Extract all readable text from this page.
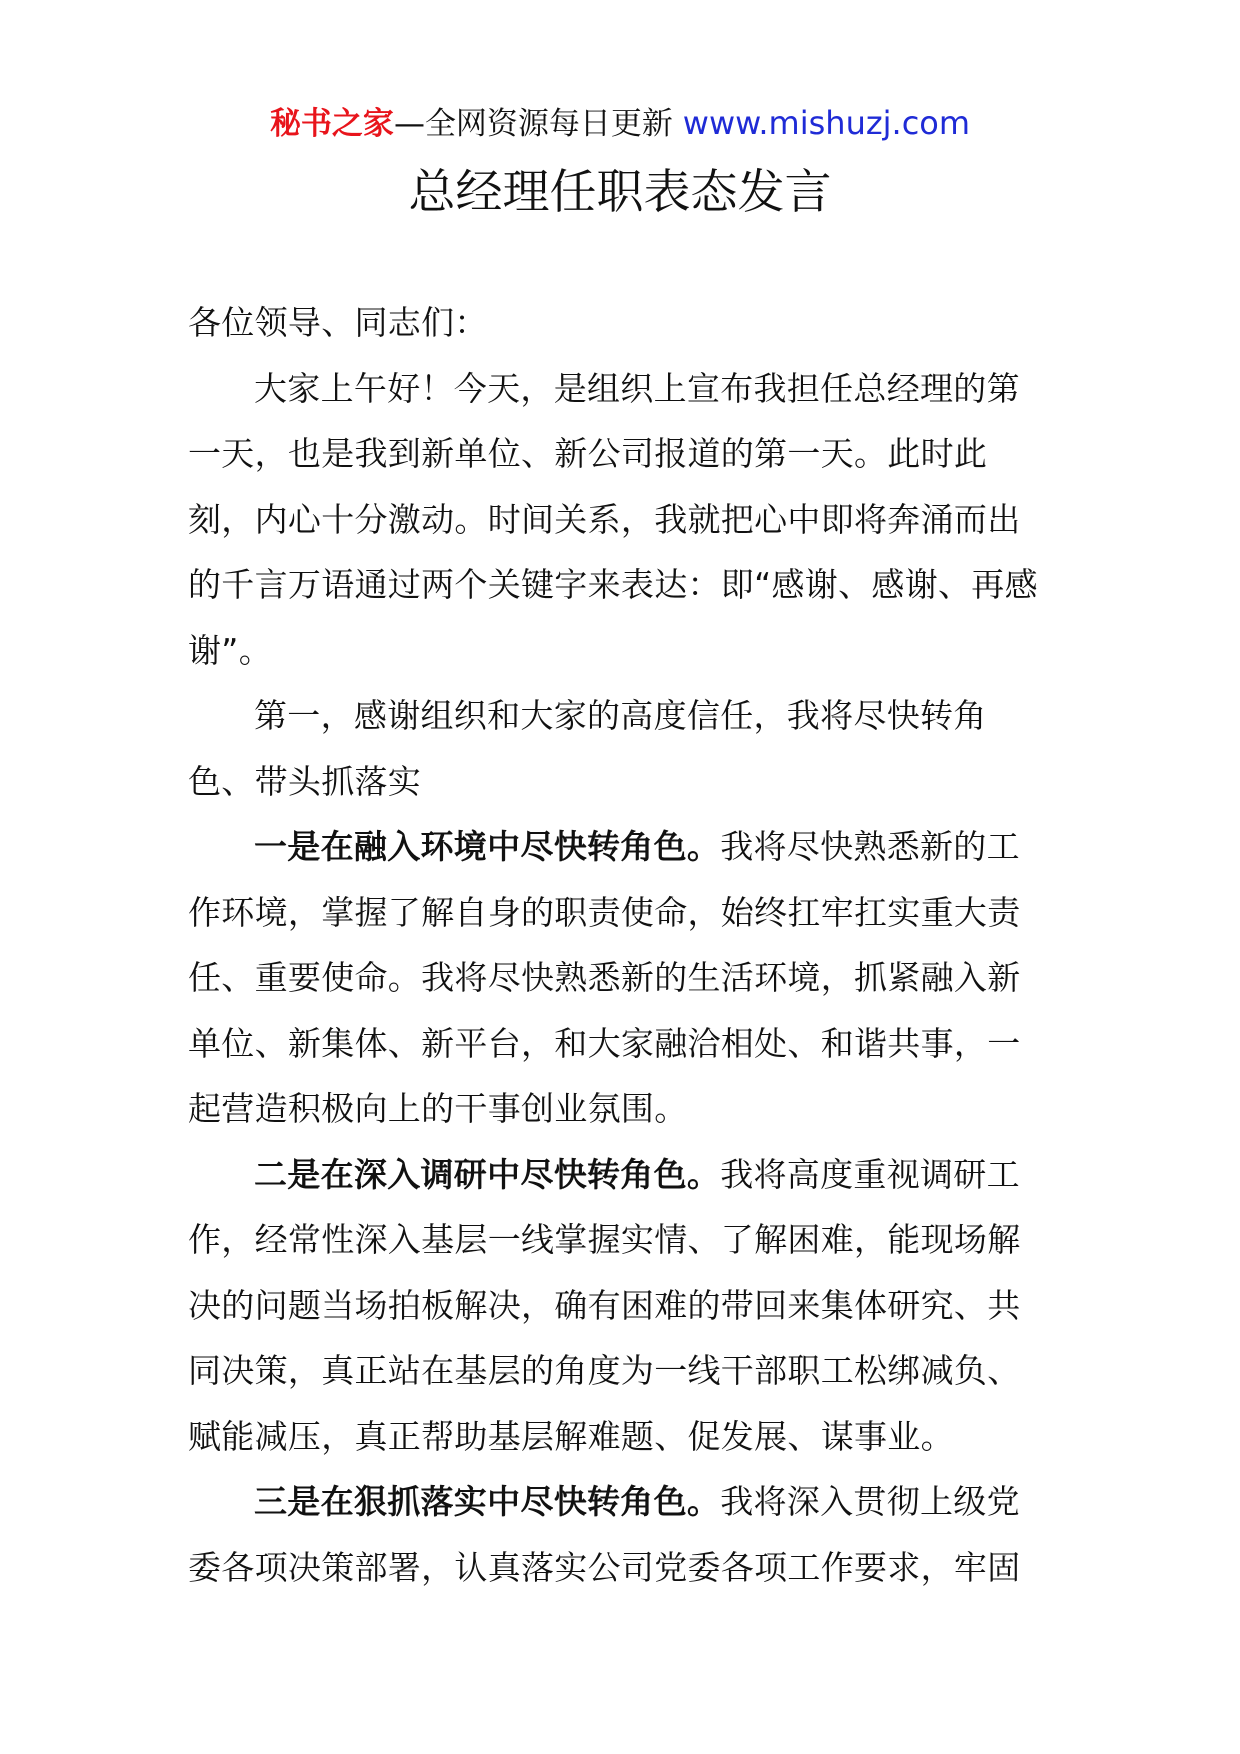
秘书之家—全网资源每日更新 www.mishuzj.com
总经理任职表态发言

各位领导、同志们：

大家上午好！今天，是组织上宣布我担任总经理的第一天，也是我到新单位、新公司报道的第一天。此时此刻，内心十分激动。时间关系，我就把心中即将奔涌而出的千言万语通过两个关键字来表达：即“感谢、感谢、再感谢”。

第一，感谢组织和大家的高度信任，我将尽快转角色、带头抓落实

一是在融入环境中尽快转角色。我将尽快熟悉新的工作环境，掌握了解自身的职责使命，始终扛牢扛实重大责任、重要使命。我将尽快熟悉新的生活环境，抓紧融入新单位、新集体、新平台，和大家融洽相处、和谐共事，一起营造积极向上的干事创业氛围。

二是在深入调研中尽快转角色。我将高度重视调研工作，经常性深入基层一线掌握实情、了解困难，能现场解决的问题当场拍板解决，确有困难的带回来集体研究、共同决策，真正站在基层的角度为一线干部职工松绑减负、赋能减压，真正帮助基层解难题、促发展、谋事业。

三是在狠抓落实中尽快转角色。我将深入贯彻上级党委各项决策部署，认真落实公司党委各项工作要求，牢固
